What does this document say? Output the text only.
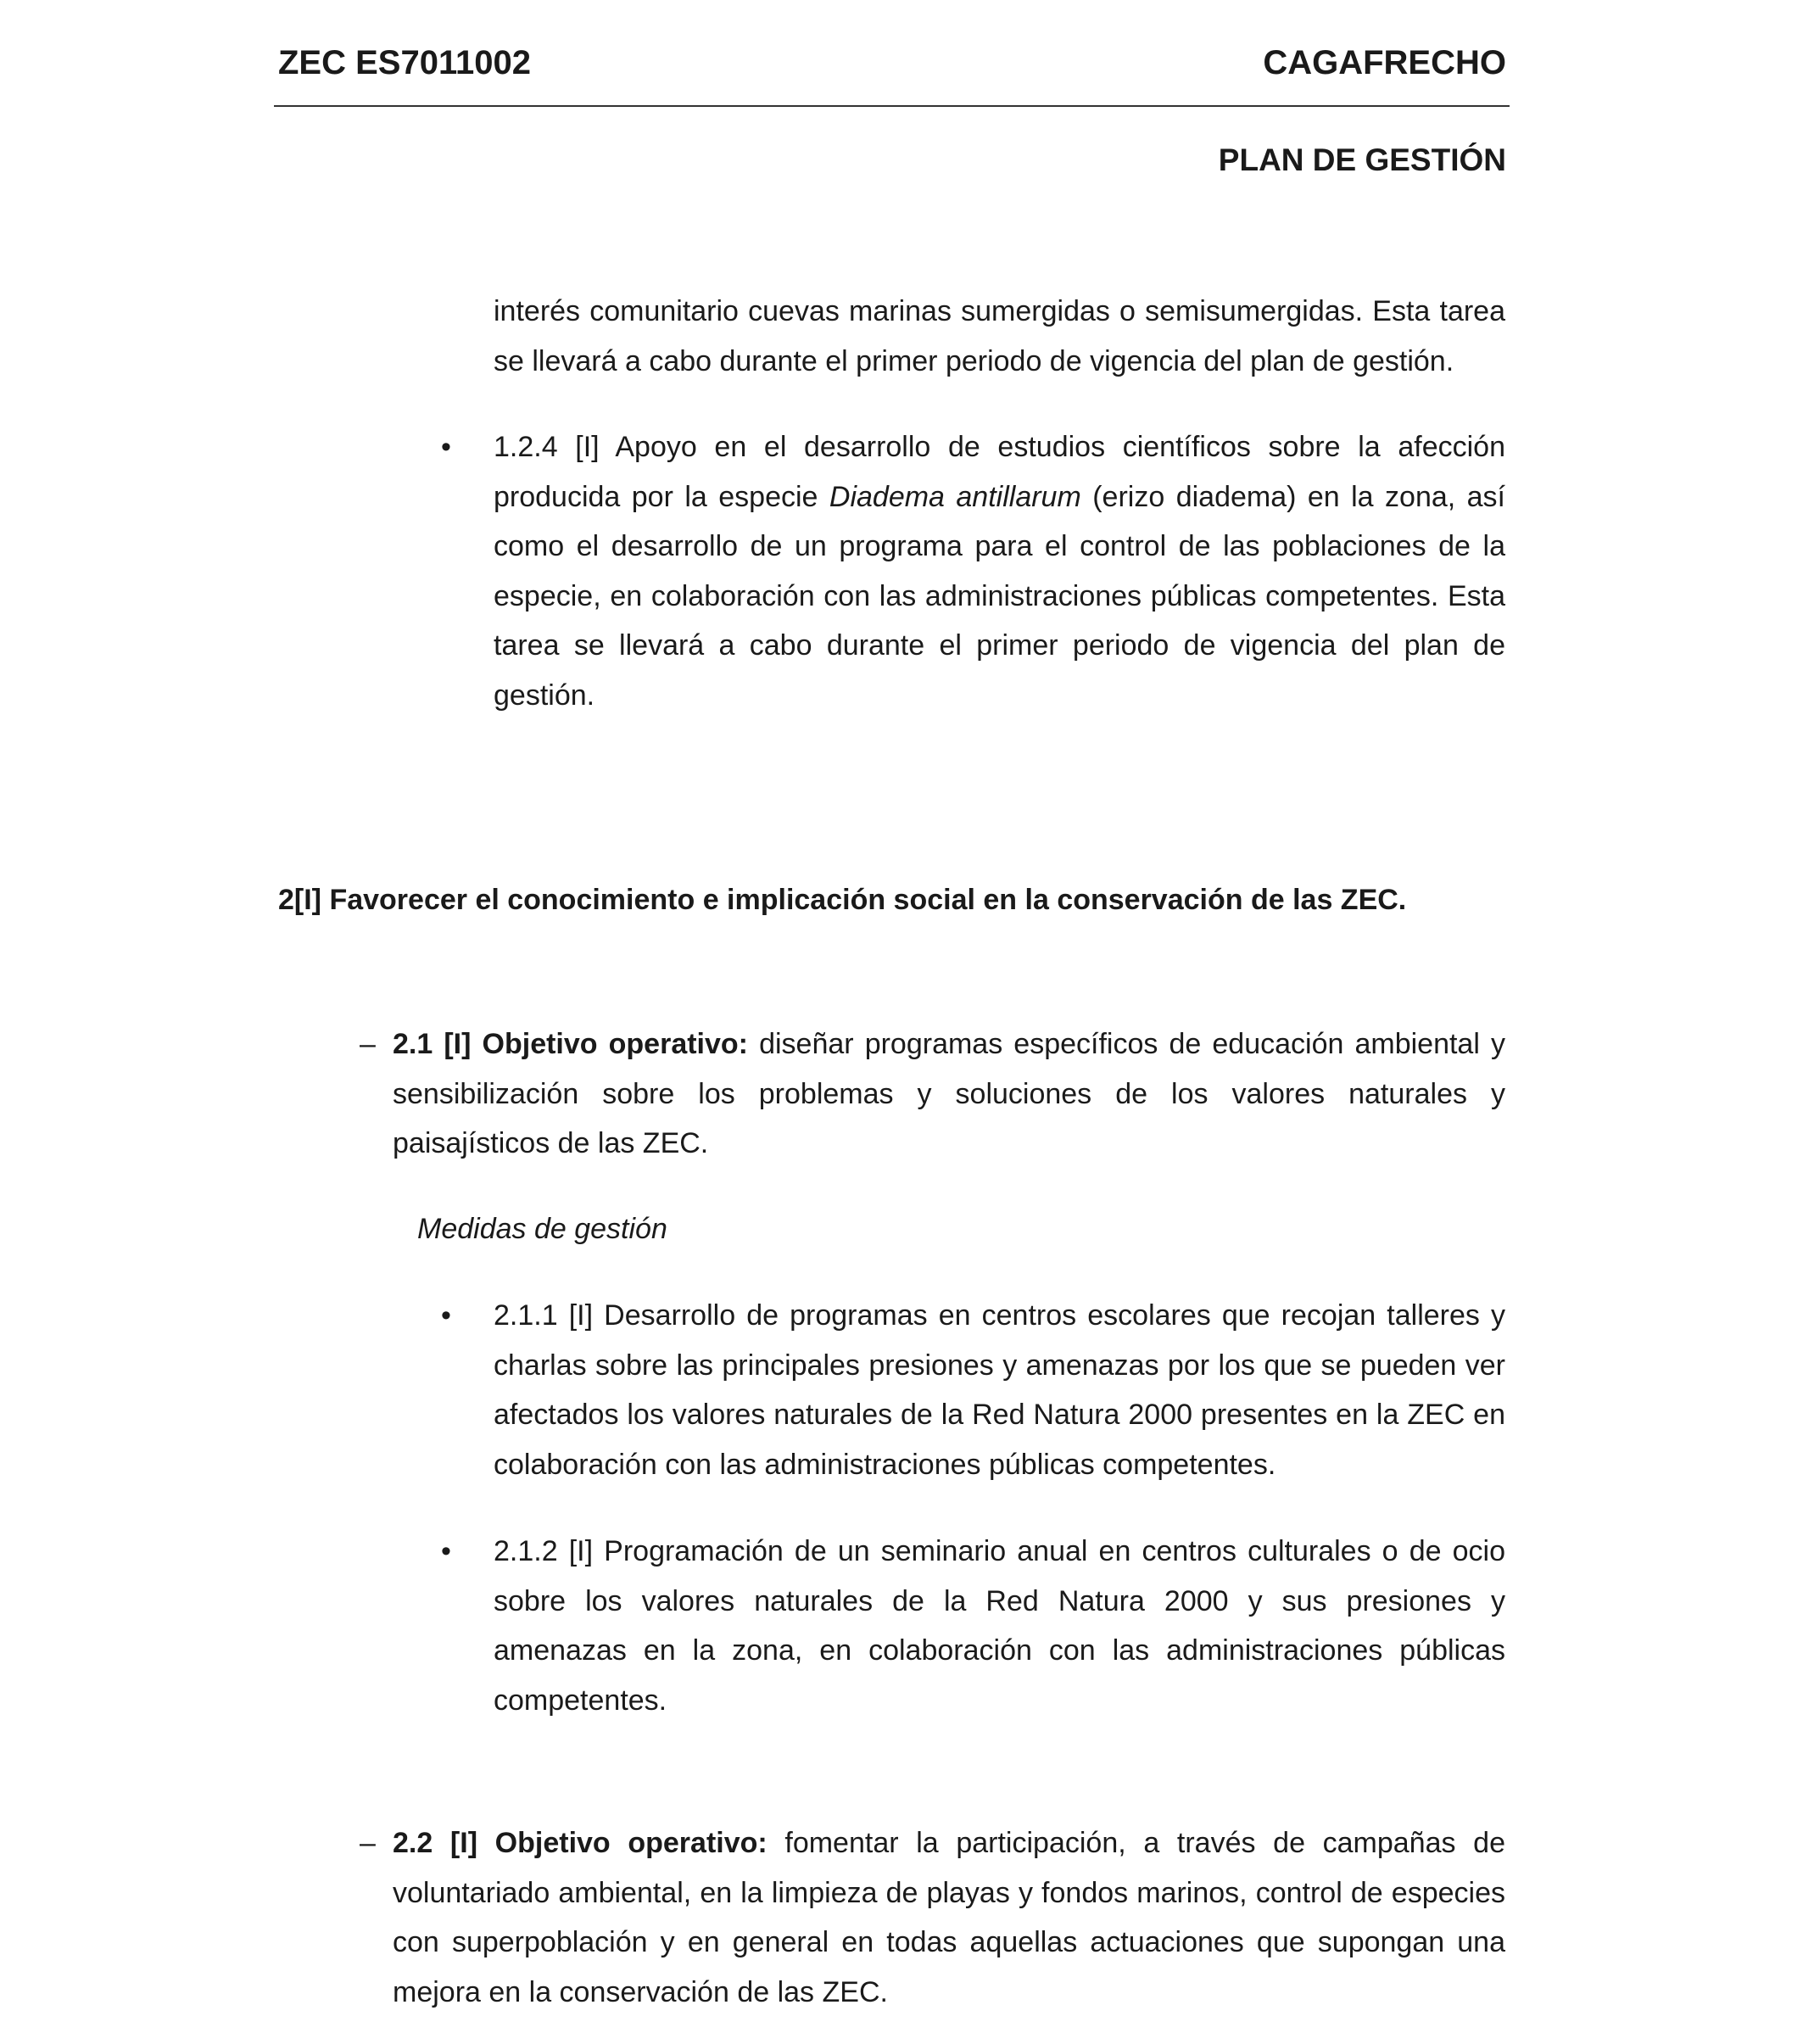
ZEC ES7011002	CAGAFRECHO
PLAN DE GESTIÓN

interés comunitario cuevas marinas sumergidas o semisumergidas. Esta tarea se llevará a cabo durante el primer periodo de vigencia del plan de gestión.

• 1.2.4 [I] Apoyo en el desarrollo de estudios científicos sobre la afección producida por la especie Diadema antillarum (erizo diadema) en la zona, así como el desarrollo de un programa para el control de las poblaciones de la especie, en colaboración con las administraciones públicas competentes. Esta tarea se llevará a cabo durante el primer periodo de vigencia del plan de gestión.

2[I] Favorecer el conocimiento e implicación social en la conservación de las ZEC.
– 2.1 [I] Objetivo operativo: diseñar programas específicos de educación ambiental y sensibilización sobre los problemas y soluciones de los valores naturales y paisajísticos de las ZEC.

Medidas de gestión
• 2.1.1 [I] Desarrollo de programas en centros escolares que recojan talleres y charlas sobre las principales presiones y amenazas por los que se pueden ver afectados los valores naturales de la Red Natura 2000 presentes en la ZEC en colaboración con las administraciones públicas competentes.

• 2.1.2 [I] Programación de un seminario anual en centros culturales o de ocio sobre los valores naturales de la Red Natura 2000 y sus presiones y amenazas en la zona, en colaboración con las administraciones públicas competentes.

– 2.2 [I] Objetivo operativo: fomentar la participación, a través de campañas de voluntariado ambiental, en la limpieza de playas y fondos marinos, control de especies con superpoblación y en general en todas aquellas actuaciones que supongan una mejora en la conservación de las ZEC.
